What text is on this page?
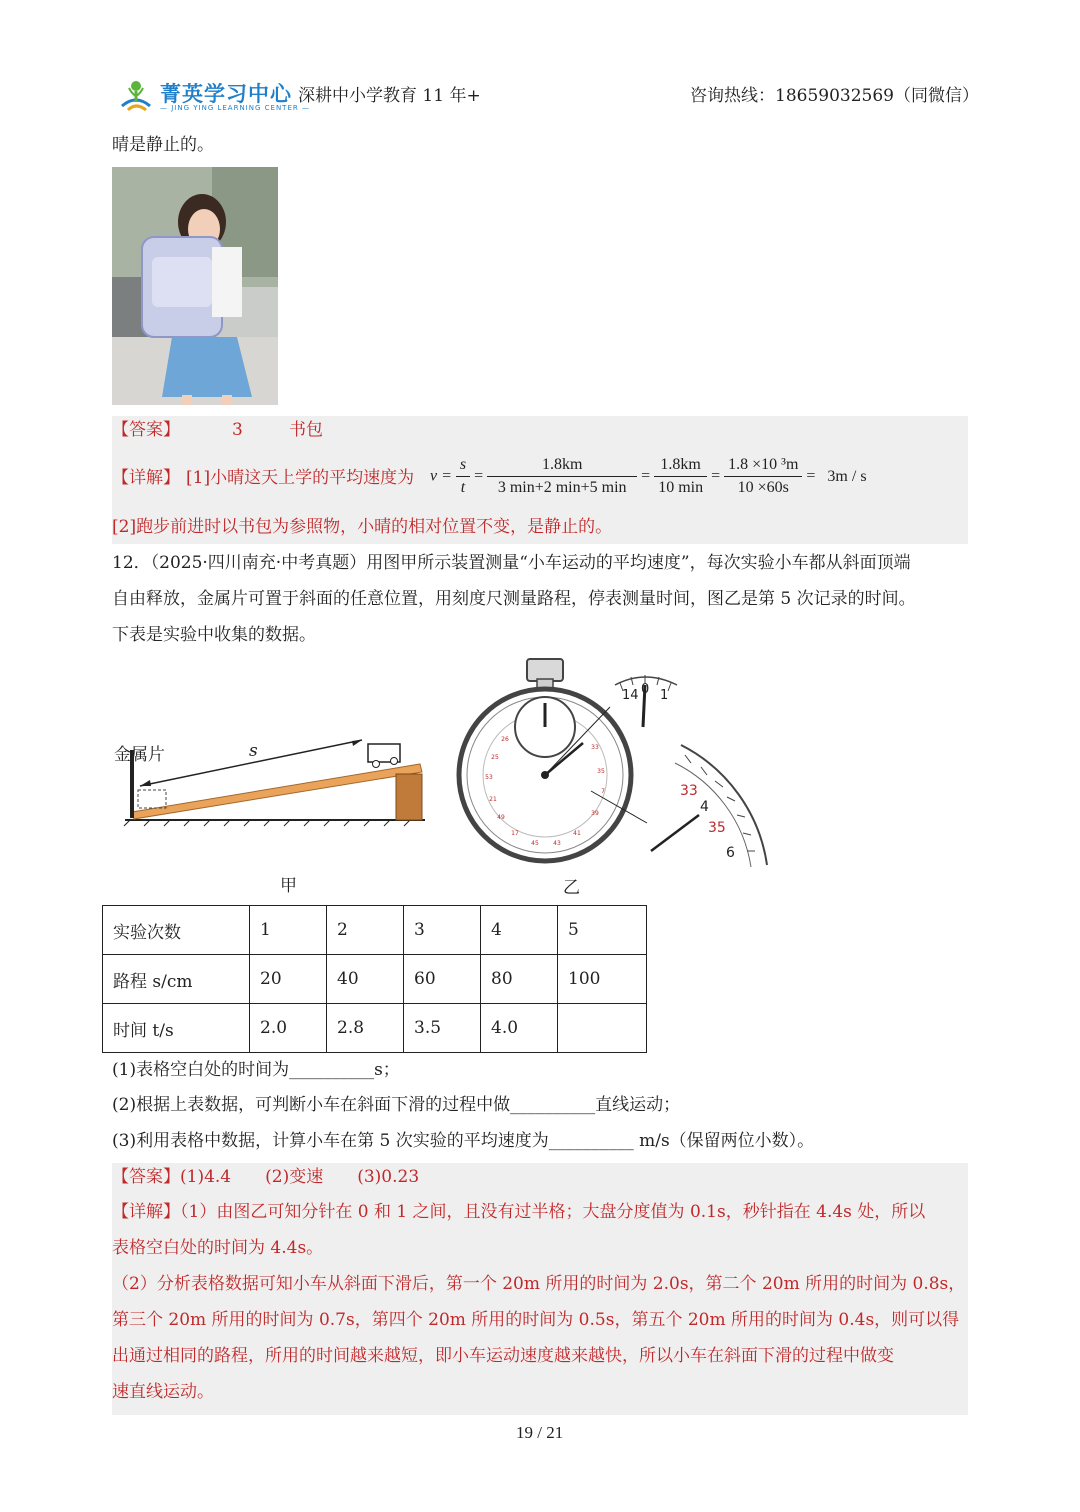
菁英学习中心
— JING YING LEARNING CENTER —
深耕中小学教育 11 年+	咨询热线：18659032569（同微信）
晴是静止的。
【答案】	3	书包
【详解】 [1]小晴这天上学的平均速度为 $v = \frac{s}{t} = \frac{1.8km}{3 \min+2 \min+5 \min} = \frac{1.8km}{10 \min} = \frac{\text{1.8 ×10 ³m}}{10 \times 60s} = 3m / s$
[2]跑步前进时以书包为参照物，小晴的相对位置不变，是静止的。
12．（2025·四川南充·中考真题）用图甲所示装置测量“小车运动的平均速度”，每次实验小车都从斜面顶端
自由释放，金属片可置于斜面的任意位置，用刻度尺测量路程，停表测量时间，图乙是第 5 次记录的时间。
下表是实验中收集的数据。
金属片	s
甲
26
25
53
21
49
17
45 43
41
39
7
35
33
14 0 1
33
4
35
6
乙
实验次数	1	2	3	4	5
路程 s/cm	20	40	60	80	100
时间 t/s	2.0	2.8	3.5	4.0	
(1)表格空白处的时间为__________s；
(2)根据上表数据，可判断小车在斜面下滑的过程中做__________直线运动；
(3)利用表格中数据，计算小车在第 5 次实验的平均速度为__________ m/s（保留两位小数）。
【答案】(1)4.4　　(2)变速　　(3)0.23
【详解】（1）由图乙可知分针在 0 和 1 之间，且没有过半格；大盘分度值为 0.1s，秒针指在 4.4s 处，所以
表格空白处的时间为 4.4s。
（2）分析表格数据可知小车从斜面下滑后，第一个 20m 所用的时间为 2.0s，第二个 20m 所用的时间为 0.8s，
第三个 20m 所用的时间为 0.7s，第四个 20m 所用的时间为 0.5s，第五个 20m 所用的时间为 0.4s，则可以得
出通过相同的路程，所用的时间越来越短，即小车运动速度越来越快，所以小车在斜面下滑的过程中做变
速直线运动。
19 / 21
